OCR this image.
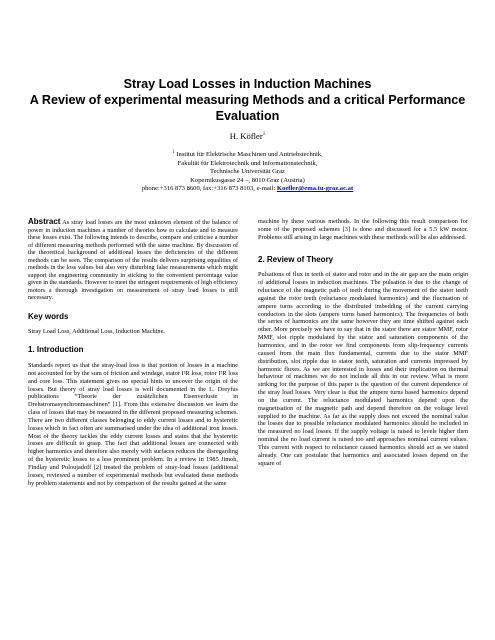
Stray Load Losses in Induction Machines
A Review of experimental measuring Methods and a critical Performance
Evaluation
H. Köfler$^1$
$^1$ Institut für Elektrische Maschinen und Antriebstechnik,
Fakultät für Elektrotechnik und Informationstechnik,
Technische Universität Graz
Kopernikusgasse 24 –, 8010 Graz (Austria)
phone:+316 873 8600, fax:+316 873 8103, e-mail: Koefler@ema.tu-graz.ac.at

Abstract As stray load losses are the most unknown element of the balance of power in induction machines a number of theories how to calculate and to measure these losses exist. The following intends to describe, compare and criticise a number of different measuring methods performed with the same machine. By discussion of the theoretical background of additional losses the deficiencies of the different methods can be seen. The comparison of the results delivers surprising equalities of methods in the loss values but also very disturbing false measurements which might support the engineering community in sticking to the convenient percentage value given in the standards. However to meet the stringent requirements of high efficiency motors a thorough investigation on measurement of stray load losses is still necessary.

Key words

Stray Load Loss, Additional Loss, Induction Machine.

1. Introduction

Standards report us that the stray-load loss is that portion of losses in a machine not accounted for by the sum of friction and windage, stator I²R loss, rotor I²R loss and core loss. This statement gives no special hints to uncover the origin of the losses. But theory of stray load losses is well documented in the L. Dreyfus publications “Theorie der zusätzlichen Eisenverluste in Drehstromasynchronmaschinen” [1]. From this extensive discussion we learn the class of losses that may be measured in the different proposed measuring schemes. There are two different classes belonging to eddy current losses and to hysteretic losses which in fact often are summarised under the idea of additional iron losses. Most of the theory tackles the eddy current losses and states that the hysteretic losses are difficult to grasp. The fact that additional losses are connected with higher harmonics and therefore also merely with surfaces reduces the disregarding of the hysteretic losses to a less prominent problem. In a review in 1985 Jimoh, Findlay and Poloujadoff [2] treated the problem of stray-load losses (additional losses, reviewed a number of experimental methods but evaluated these methods by problem statements and not by comparison of the results gained at the same

machine by these various methods. In the following this result comparison for some of the proposed schemes [3] is done and discussed for a 5.5 kW motor. Problems still arising in large machines with these methods will be also addressed.

2. Review of Theory

Pulsations of flux in teeth of stator and rotor and in the air gap are the main origin of additional losses in induction machines. The pulsation is due to the change of reluctance of the magnetic path of teeth during the movement of the stator teeth against the rotor teeth (reluctance modulated harmonics) and the fluctuation of ampere turns according to the distributed imbedding of the current carrying conductors in the slots (ampere turns based harmonics). The frequencies of both the series of harmonics are the same however they are time shifted against each other. More precisely we have to say that in the stator there are stator MMF, rotor MMF, slot ripple modulated by the stator and saturation components of the harmonics, and in the rotor we find components from slip-frequency currents caused from the main flux fundamental, currents due to the stator MMF distribution, slot ripple due to stator teeth, saturation and currents impressed by harmonic fluxes. As we are interested in losses and their implication on thermal behaviour of machines we do not include all this in our review. What is more striking for the purpose of this paper is the question of the current dependence of the stray load losses. Very clear is that the ampere turns based harmonics depend on the current. The reluctance modulated harmonics depend upon the magnetisation of the magnetic path and depend therefore on the voltage level supplied to the machine. As far as the supply does not exceed the nominal value the losses due to possible reluctance modulated harmonics should be included in the measured no load losses. If the supply voltage is raised to levels higher then nominal the no load current is raised too and approaches nominal current values. This current with respect to reluctance caused harmonics should act as we stated already. One can postulate that harmonics and associated losses depend on the square of
